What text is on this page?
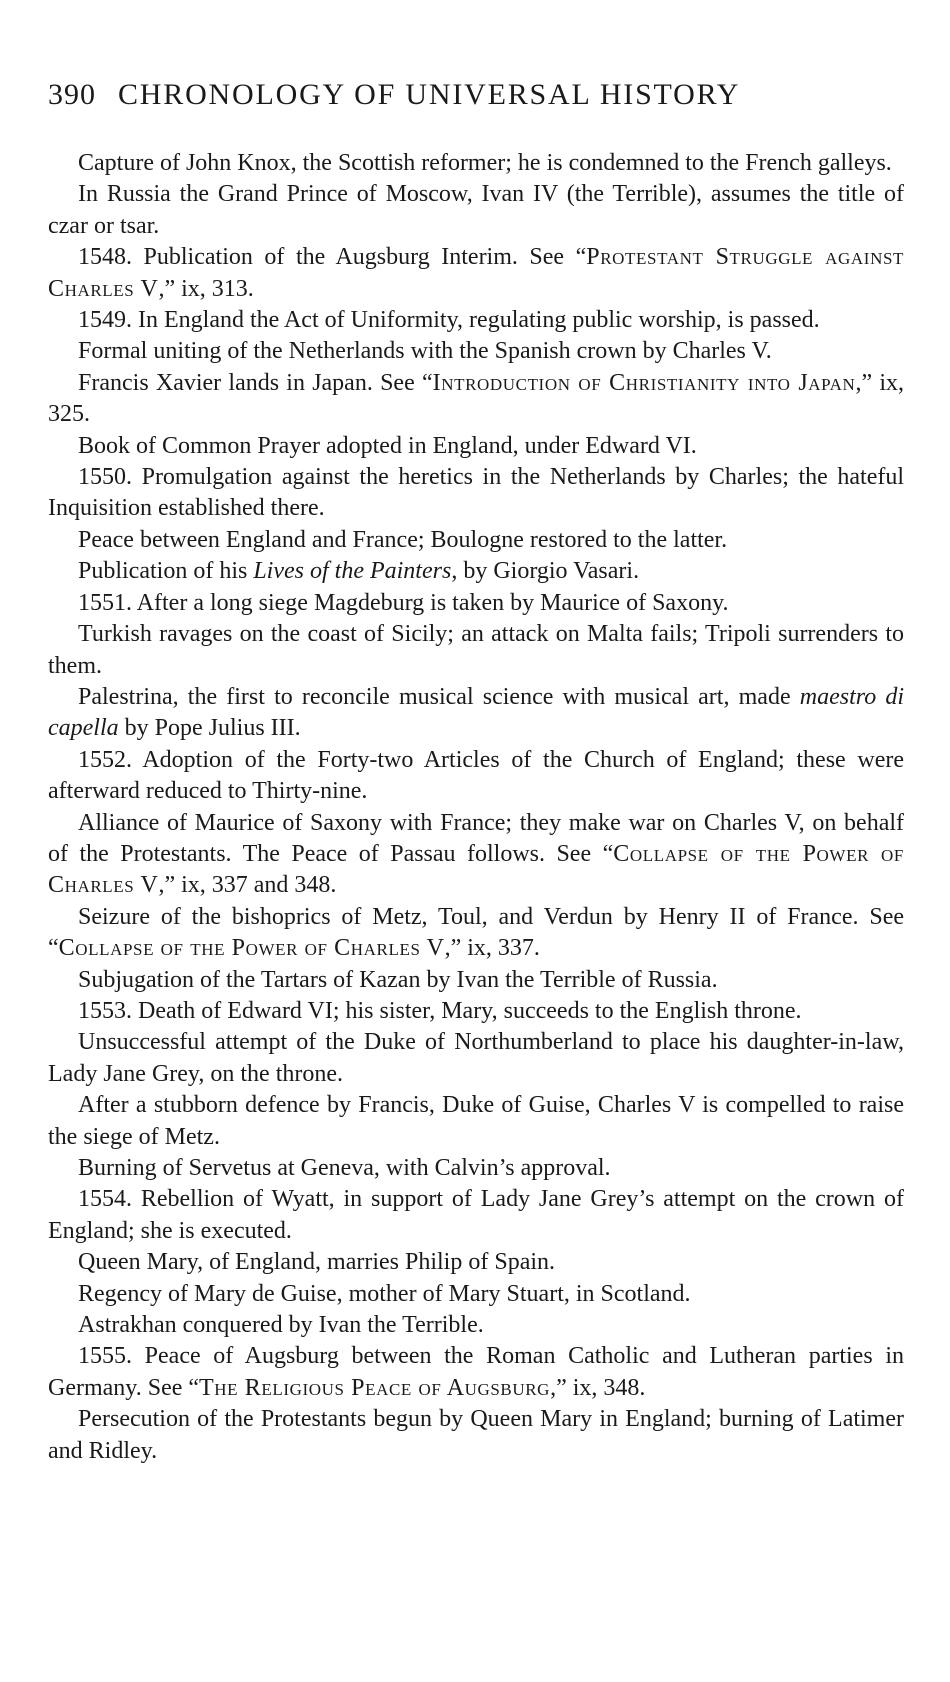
390 CHRONOLOGY OF UNIVERSAL HISTORY

Capture of John Knox, the Scottish reformer; he is condemned to the French galleys.

In Russia the Grand Prince of Moscow, Ivan IV (the Terrible), assumes the title of czar or tsar.

1548. Publication of the Augsburg Interim. See “Protestant Struggle against Charles V,” ix, 313.

1549. In England the Act of Uniformity, regulating public worship, is passed.

Formal uniting of the Netherlands with the Spanish crown by Charles V.

Francis Xavier lands in Japan. See “Introduction of Christianity into Japan,” ix, 325.

Book of Common Prayer adopted in England, under Edward VI.

1550. Promulgation against the heretics in the Netherlands by Charles; the hateful Inquisition established there.

Peace between England and France; Boulogne restored to the latter.

Publication of his Lives of the Painters, by Giorgio Vasari.

1551. After a long siege Magdeburg is taken by Maurice of Saxony.

Turkish ravages on the coast of Sicily; an attack on Malta fails; Tripoli surrenders to them.

Palestrina, the first to reconcile musical science with musical art, made maestro di capella by Pope Julius III.

1552. Adoption of the Forty-two Articles of the Church of England; these were afterward reduced to Thirty-nine.

Alliance of Maurice of Saxony with France; they make war on Charles V, on behalf of the Protestants. The Peace of Passau follows. See “Collapse of the Power of Charles V,” ix, 337 and 348.

Seizure of the bishoprics of Metz, Toul, and Verdun by Henry II of France. See “Collapse of the Power of Charles V,” ix, 337.

Subjugation of the Tartars of Kazan by Ivan the Terrible of Russia.

1553. Death of Edward VI; his sister, Mary, succeeds to the English throne.

Unsuccessful attempt of the Duke of Northumberland to place his daughter-in-law, Lady Jane Grey, on the throne.

After a stubborn defence by Francis, Duke of Guise, Charles V is compelled to raise the siege of Metz.

Burning of Servetus at Geneva, with Calvin’s approval.

1554. Rebellion of Wyatt, in support of Lady Jane Grey’s attempt on the crown of England; she is executed.

Queen Mary, of England, marries Philip of Spain.

Regency of Mary de Guise, mother of Mary Stuart, in Scotland.

Astrakhan conquered by Ivan the Terrible.

1555. Peace of Augsburg between the Roman Catholic and Lutheran parties in Germany. See “The Religious Peace of Augsburg,” ix, 348.

Persecution of the Protestants begun by Queen Mary in England; burning of Latimer and Ridley.
